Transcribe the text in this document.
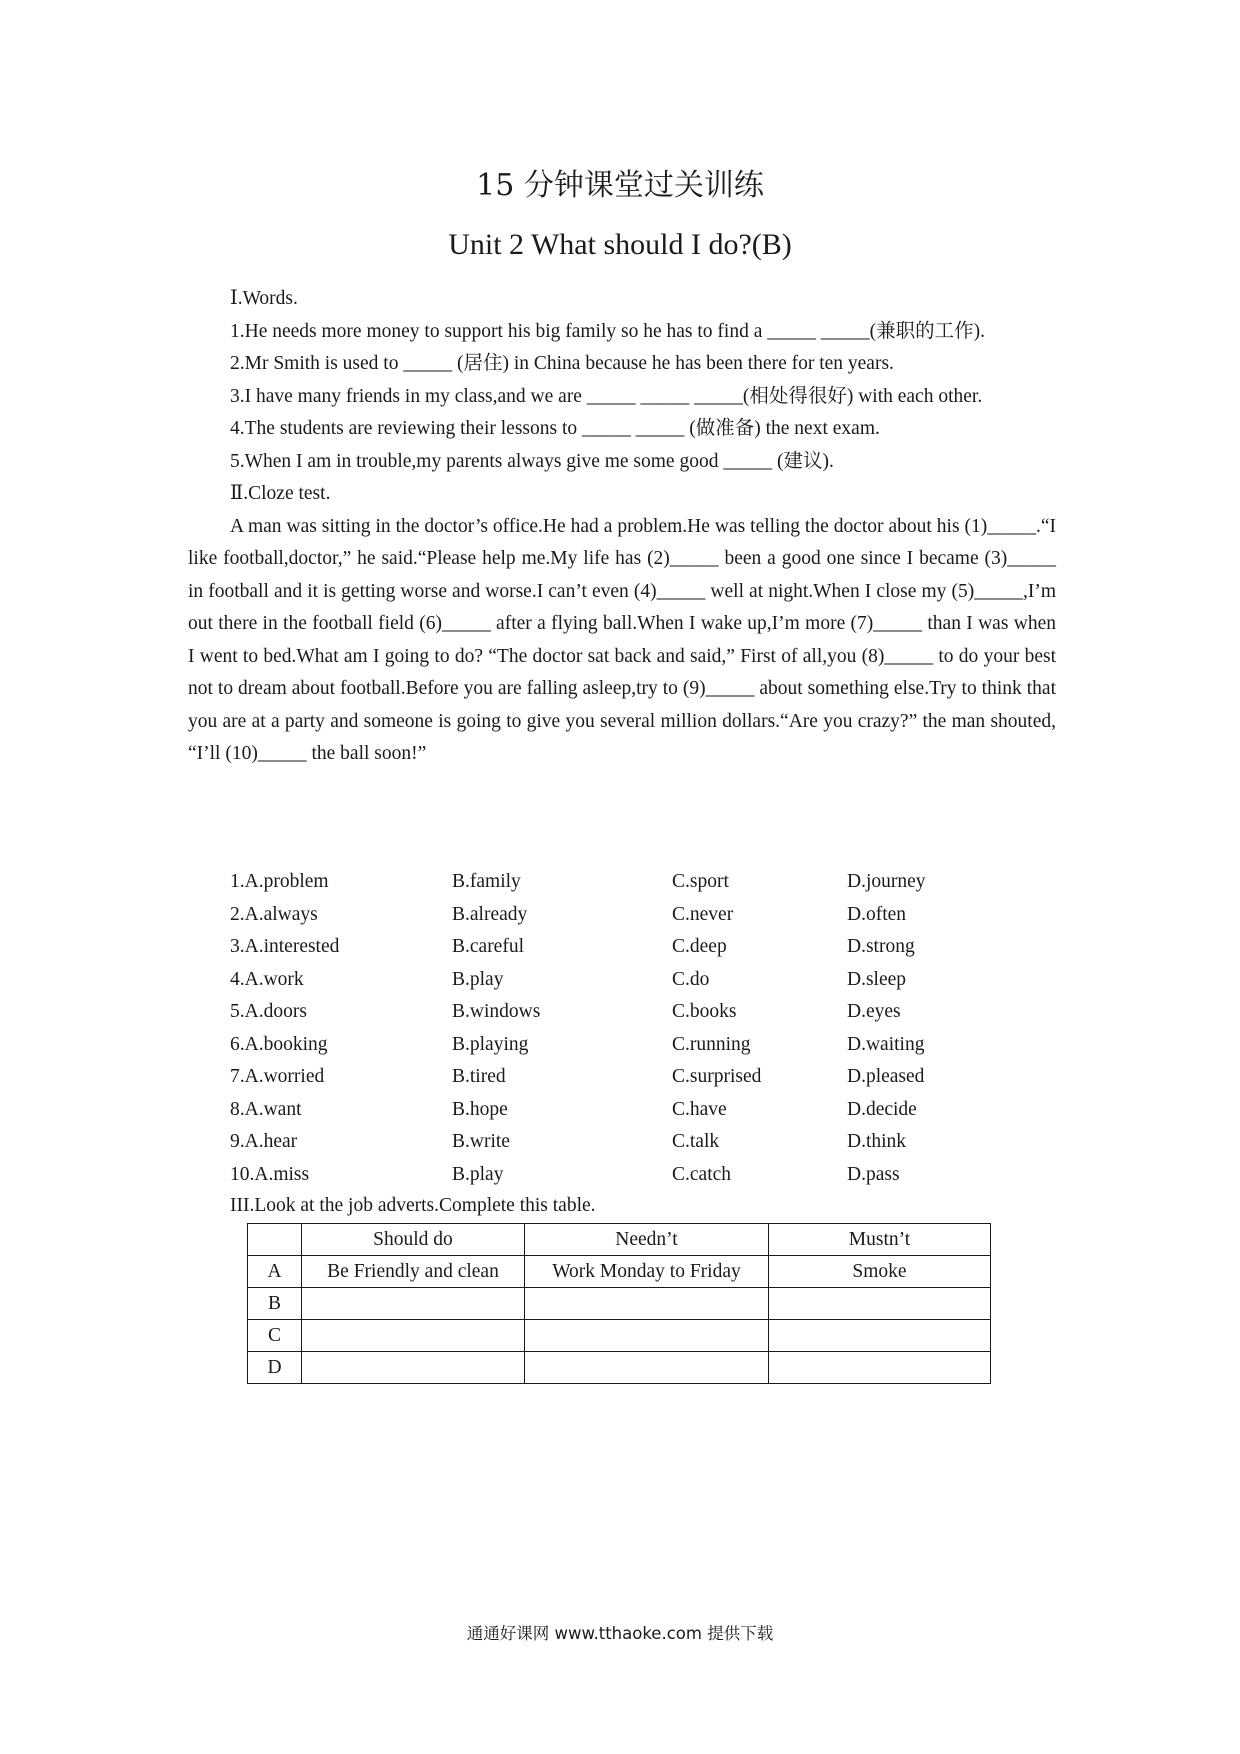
15 分钟课堂过关训练
Unit 2 What should I do?(B)

Ⅰ.Words.

1.He needs more money to support his big family so he has to find a _____ _____(兼职的工作).

2.Mr Smith is used to _____ (居住) in China because he has been there for ten years.

3.I have many friends in my class,and we are _____ _____ _____(相处得很好) with each other.

4.The students are reviewing their lessons to _____ _____ (做准备) the next exam.

5.When I am in trouble,my parents always give me some good _____ (建议).

Ⅱ.Cloze test.

A man was sitting in the doctor’s office.He had a problem.He was telling the doctor about his (1)_____.“I like football,doctor,” he said.“Please help me.My life has (2)_____ been a good one since I became (3)_____ in football and it is getting worse and worse.I can’t even (4)_____ well at night.When I close my (5)_____,I’m out there in the football field (6)_____ after a flying ball.When I wake up,I’m more (7)_____ than I was when I went to bed.What am I going to do? “The doctor sat back and said,” First of all,you (8)_____ to do your best not to dream about football.Before you are falling asleep,try to (9)_____ about something else.Try to think that you are at a party and someone is going to give you several million dollars.“Are you crazy?” the man shouted, “I’ll (10)_____ the ball soon!”

1.A.problem	B.family	C.sport	D.journey
2.A.always	B.already	C.never	D.often
3.A.interested	B.careful	C.deep	D.strong
4.A.work	B.play	C.do	D.sleep
5.A.doors	B.windows	C.books	D.eyes
6.A.booking	B.playing	C.running	D.waiting
7.A.worried	B.tired	C.surprised	D.pleased
8.A.want	B.hope	C.have	D.decide
9.A.hear	B.write	C.talk	D.think
10.A.miss	B.play	C.catch	D.pass
III.Look at the job adverts.Complete this table.
	Should do	Needn’t	Mustn’t
A	Be Friendly and clean	Work Monday to Friday	Smoke
B			
C			
D			
通通好课网 www.tthaoke.com 提供下载
